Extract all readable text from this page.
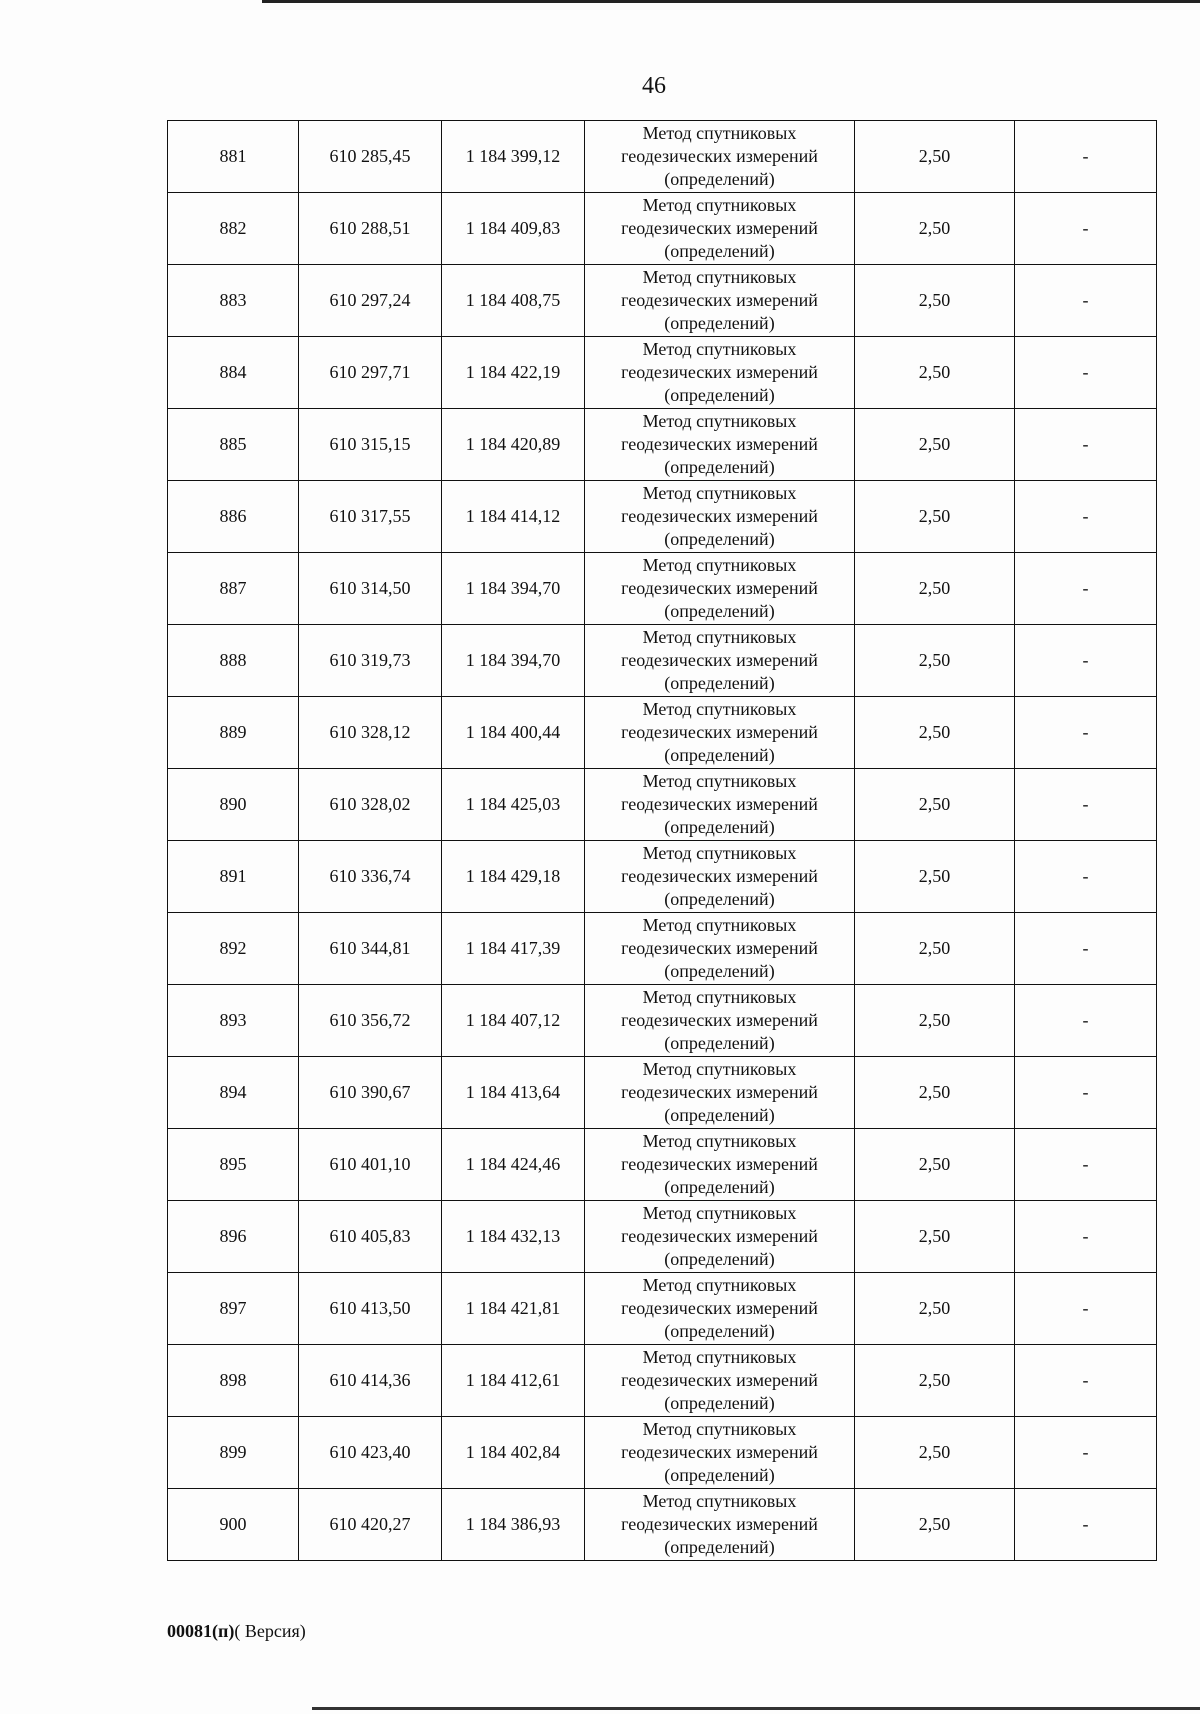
46
881	610 285,45	1 184 399,12	Метод спутниковых
геодезических измерений
(определений)	2,50	-
882	610 288,51	1 184 409,83	Метод спутниковых
геодезических измерений
(определений)	2,50	-
883	610 297,24	1 184 408,75	Метод спутниковых
геодезических измерений
(определений)	2,50	-
884	610 297,71	1 184 422,19	Метод спутниковых
геодезических измерений
(определений)	2,50	-
885	610 315,15	1 184 420,89	Метод спутниковых
геодезических измерений
(определений)	2,50	-
886	610 317,55	1 184 414,12	Метод спутниковых
геодезических измерений
(определений)	2,50	-
887	610 314,50	1 184 394,70	Метод спутниковых
геодезических измерений
(определений)	2,50	-
888	610 319,73	1 184 394,70	Метод спутниковых
геодезических измерений
(определений)	2,50	-
889	610 328,12	1 184 400,44	Метод спутниковых
геодезических измерений
(определений)	2,50	-
890	610 328,02	1 184 425,03	Метод спутниковых
геодезических измерений
(определений)	2,50	-
891	610 336,74	1 184 429,18	Метод спутниковых
геодезических измерений
(определений)	2,50	-
892	610 344,81	1 184 417,39	Метод спутниковых
геодезических измерений
(определений)	2,50	-
893	610 356,72	1 184 407,12	Метод спутниковых
геодезических измерений
(определений)	2,50	-
894	610 390,67	1 184 413,64	Метод спутниковых
геодезических измерений
(определений)	2,50	-
895	610 401,10	1 184 424,46	Метод спутниковых
геодезических измерений
(определений)	2,50	-
896	610 405,83	1 184 432,13	Метод спутниковых
геодезических измерений
(определений)	2,50	-
897	610 413,50	1 184 421,81	Метод спутниковых
геодезических измерений
(определений)	2,50	-
898	610 414,36	1 184 412,61	Метод спутниковых
геодезических измерений
(определений)	2,50	-
899	610 423,40	1 184 402,84	Метод спутниковых
геодезических измерений
(определений)	2,50	-
900	610 420,27	1 184 386,93	Метод спутниковых
геодезических измерений
(определений)	2,50	-
00081(п)( Версия)
